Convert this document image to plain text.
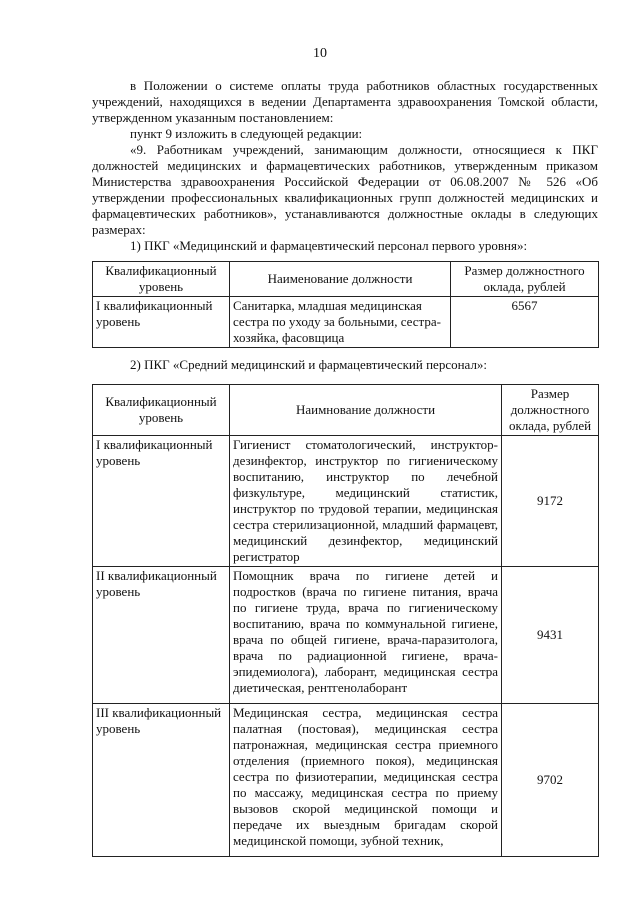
10
в Положении о системе оплаты труда работников областных государственных учреждений, находящихся в ведении Департамента здравоохранения Томской области, утвержденном указанным постановлением:
пункт 9 изложить в следующей редакции:
«9. Работникам учреждений, занимающим должности, относящиеся к ПКГ должностей медицинских и фармацевтических работников, утвержденным приказом Министерства здравоохранения Российской Федерации от 06.08.2007 № 526 «Об утверждении профессиональных квалификационных групп должностей медицинских и фармацевтических работников», устанавливаются должностные оклады в следующих размерах:
1) ПКГ «Медицинский и фармацевтический персонал первого уровня»:
Квалификационный уровень	Наименование должности	Размер должностного оклада, рублей
I квалификационный уровень	Санитарка, младшая медицинская сестра по уходу за больными, сестра-хозяйка, фасовщица	6567
2) ПКГ «Средний медицинский и фармацевтический персонал»:
Квалификационный уровень	Наимнование должности	Размер должностного оклада, рублей
I квалификационный уровень	Гигиенист стоматологический, инструктор-дезинфектор, инструктор по гигиеническому воспитанию, инструктор по лечебной физкультуре, медицинский статистик, инструктор по трудовой терапии, медицинская сестра стерилизационной, младший фармацевт, медицинский дезинфектор, медицинский регистратор	9172
II квалификационный уровень	Помощник врача по гигиене детей и подростков (врача по гигиене питания, врача по гигиене труда, врача по гигиеническому воспитанию, врача по коммунальной гигиене, врача по общей гигиене, врача-паразитолога, врача по радиационной гигиене, врача-эпидемиолога), лаборант, медицинская сестра диетическая, рентгенолаборант	9431
III квалификационный уровень	Медицинская сестра, медицинская сестра палатная (постовая), медицинская сестра патронажная, медицинская сестра приемного отделения (приемного покоя), медицинская сестра по физиотерапии, медицинская сестра по массажу, медицинская сестра по приему вызовов скорой медицинской помощи и передаче их выездным бригадам скорой медицинской помощи, зубной техник,	9702
